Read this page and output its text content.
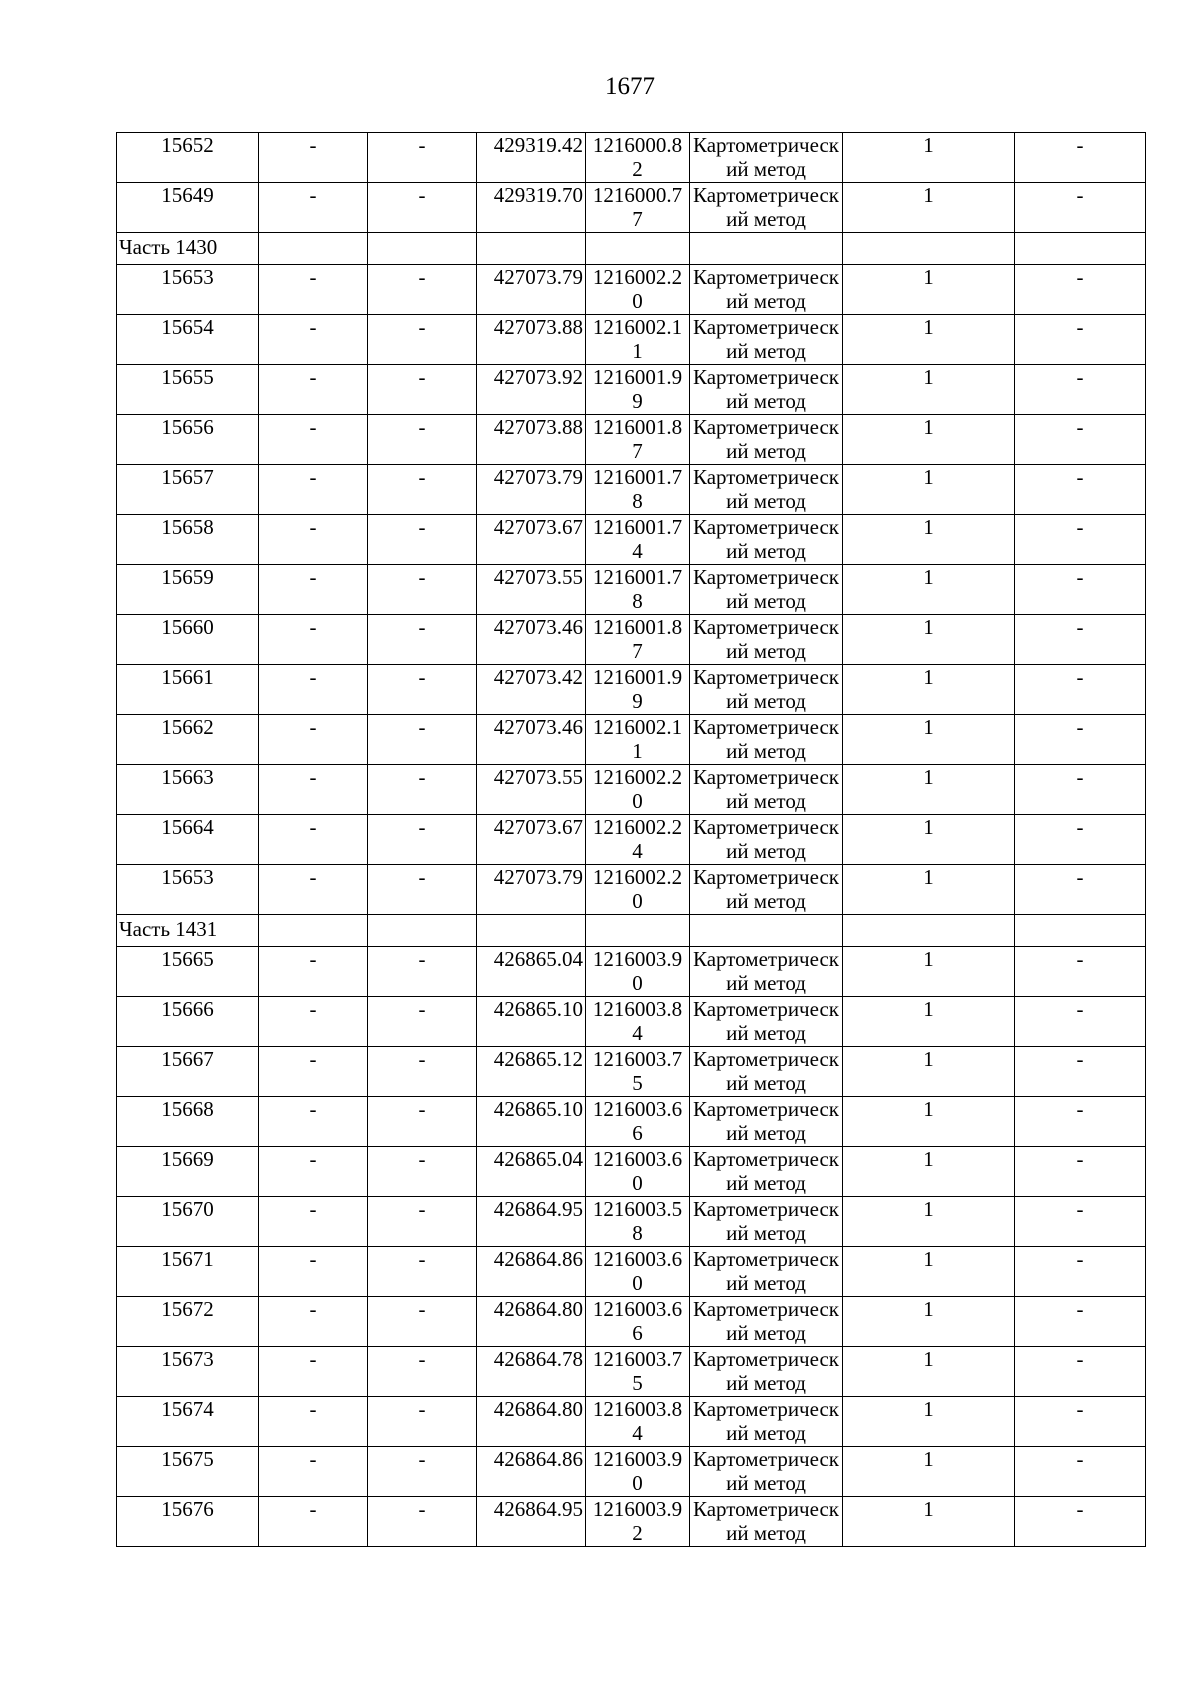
1677
15652	-	-	429319.42	1216000.82	Картометрический метод	1	-
15649	-	-	429319.70	1216000.77	Картометрический метод	1	-
Часть 1430							
15653	-	-	427073.79	1216002.20	Картометрический метод	1	-
15654	-	-	427073.88	1216002.11	Картометрический метод	1	-
15655	-	-	427073.92	1216001.99	Картометрический метод	1	-
15656	-	-	427073.88	1216001.87	Картометрический метод	1	-
15657	-	-	427073.79	1216001.78	Картометрический метод	1	-
15658	-	-	427073.67	1216001.74	Картометрический метод	1	-
15659	-	-	427073.55	1216001.78	Картометрический метод	1	-
15660	-	-	427073.46	1216001.87	Картометрический метод	1	-
15661	-	-	427073.42	1216001.99	Картометрический метод	1	-
15662	-	-	427073.46	1216002.11	Картометрический метод	1	-
15663	-	-	427073.55	1216002.20	Картометрический метод	1	-
15664	-	-	427073.67	1216002.24	Картометрический метод	1	-
15653	-	-	427073.79	1216002.20	Картометрический метод	1	-
Часть 1431							
15665	-	-	426865.04	1216003.90	Картометрический метод	1	-
15666	-	-	426865.10	1216003.84	Картометрический метод	1	-
15667	-	-	426865.12	1216003.75	Картометрический метод	1	-
15668	-	-	426865.10	1216003.66	Картометрический метод	1	-
15669	-	-	426865.04	1216003.60	Картометрический метод	1	-
15670	-	-	426864.95	1216003.58	Картометрический метод	1	-
15671	-	-	426864.86	1216003.60	Картометрический метод	1	-
15672	-	-	426864.80	1216003.66	Картометрический метод	1	-
15673	-	-	426864.78	1216003.75	Картометрический метод	1	-
15674	-	-	426864.80	1216003.84	Картометрический метод	1	-
15675	-	-	426864.86	1216003.90	Картометрический метод	1	-
15676	-	-	426864.95	1216003.92	Картометрический метод	1	-
